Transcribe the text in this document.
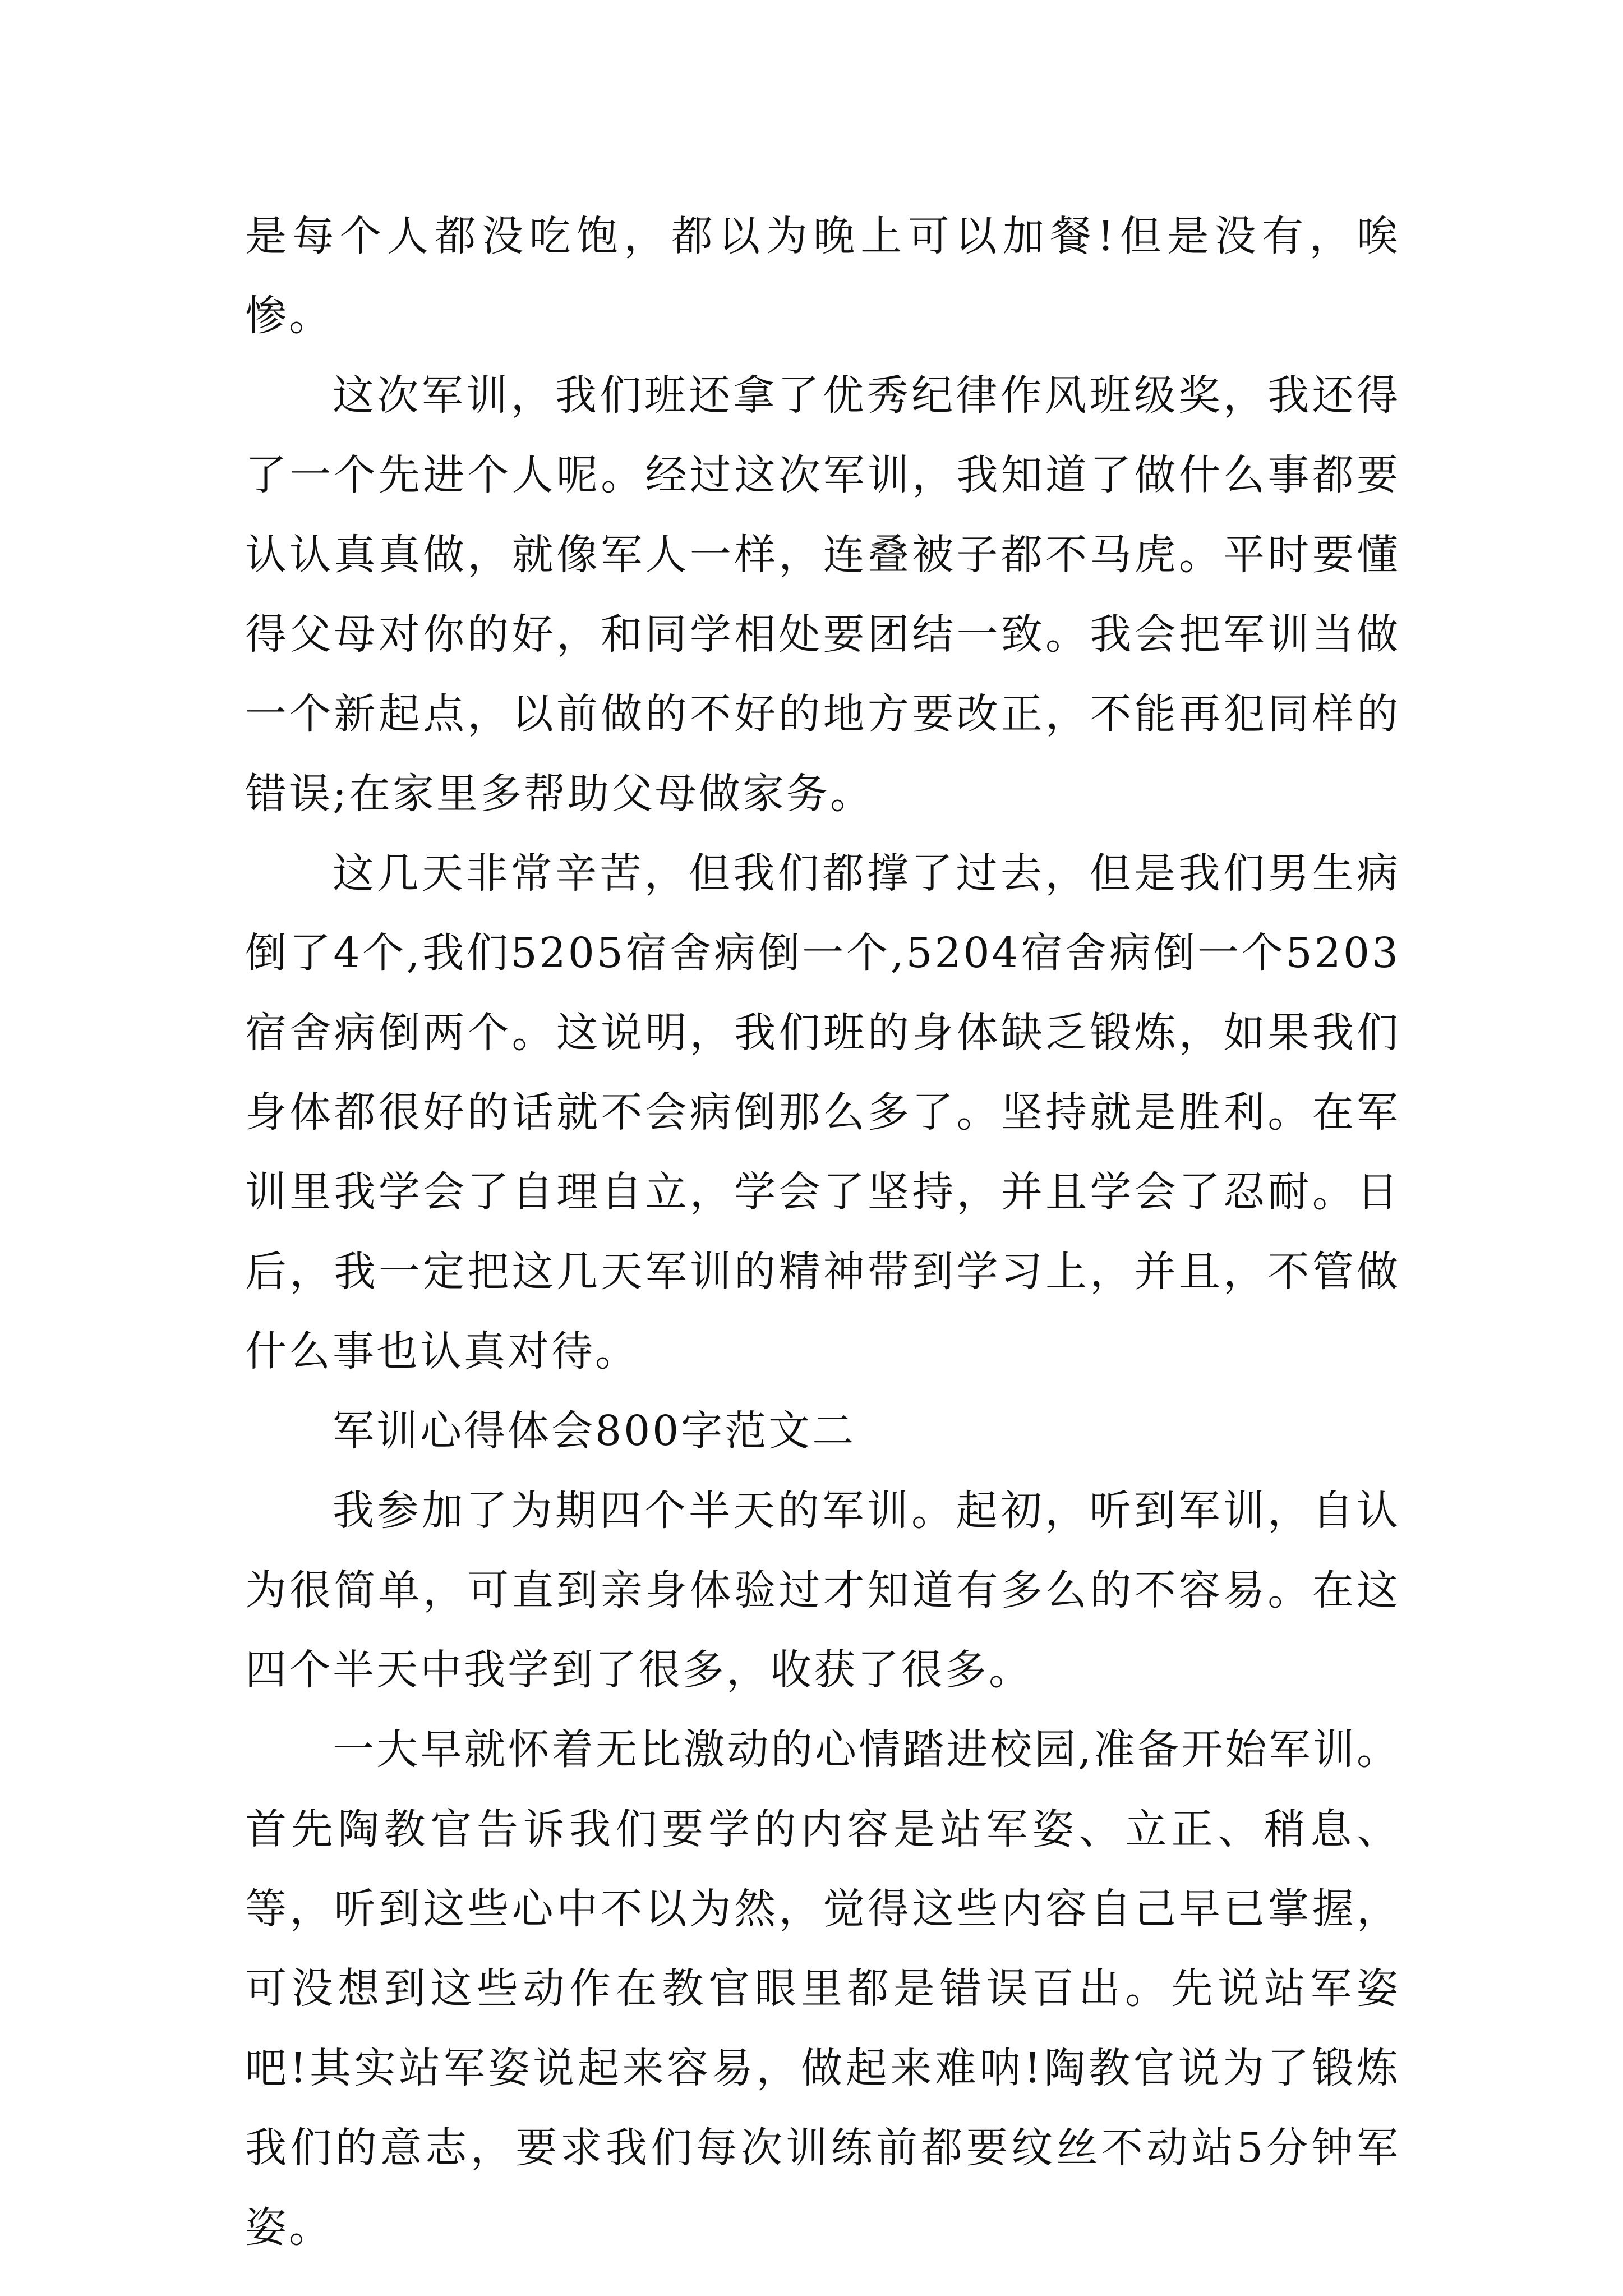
是每个人都没吃饱，都以为晚上可以加餐!但是没有，唉惨。

这次军训，我们班还拿了优秀纪律作风班级奖，我还得了一个先进个人呢。经过这次军训，我知道了做什么事都要认认真真做，就像军人一样，连叠被子都不马虎。平时要懂得父母对你的好，和同学相处要团结一致。我会把军训当做一个新起点，以前做的不好的地方要改正，不能再犯同样的错误;在家里多帮助父母做家务。

这几天非常辛苦，但我们都撑了过去，但是我们男生病倒了4个,我们5205宿舍病倒一个,5204宿舍病倒一个5203宿舍病倒两个。这说明，我们班的身体缺乏锻炼，如果我们身体都很好的话就不会病倒那么多了。坚持就是胜利。在军训里我学会了自理自立，学会了坚持，并且学会了忍耐。日后，我一定把这几天军训的精神带到学习上，并且，不管做什么事也认真对待。

军训心得体会800字范文二

我参加了为期四个半天的军训。起初，听到军训，自认为很简单，可直到亲身体验过才知道有多么的不容易。在这四个半天中我学到了很多，收获了很多。

一大早就怀着无比激动的心情踏进校园,准备开始军训。首先陶教官告诉我们要学的内容是站军姿、立正、稍息、等，听到这些心中不以为然，觉得这些内容自己早已掌握，可没想到这些动作在教官眼里都是错误百出。先说站军姿吧!其实站军姿说起来容易，做起来难呐!陶教官说为了锻炼我们的意志，要求我们每次训练前都要纹丝不动站5分钟军姿。
